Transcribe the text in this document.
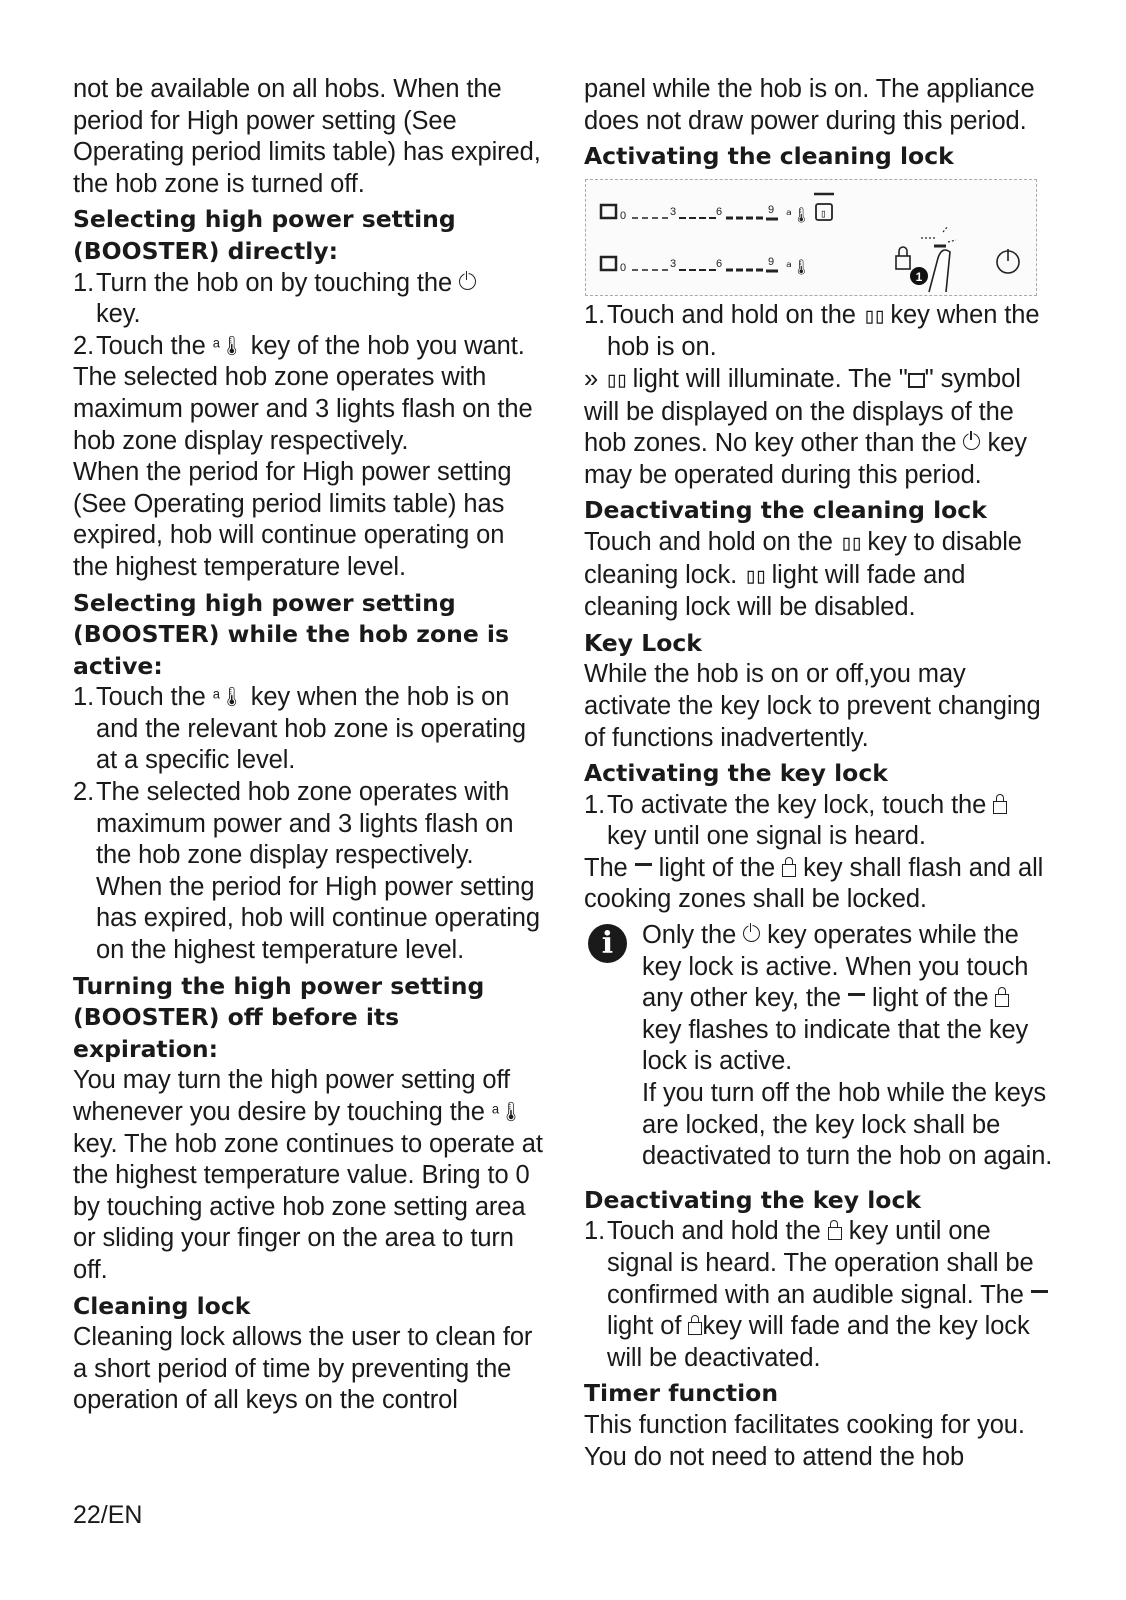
not be available on all hobs. When the period for High power setting (See Operating period limits table) has expired, the hob zone is turned off.

Selecting high power setting (BOOSTER) directly:
1. Turn the hob on by touching the
key.
2. Touch the ᵃ🌡 key of the hob you want.

The selected hob zone operates with maximum power and 3 lights flash on the hob zone display respectively.

When the period for High power setting (See Operating period limits table) has expired, hob will continue operating on the highest temperature level.

Selecting high power setting (BOOSTER) while the hob zone is active:
1. Touch the ᵃ🌡 key when the hob is on and the relevant hob zone is operating at a specific level.
2. The selected hob zone operates with maximum power and 3 lights flash on the hob zone display respectively.
When the period for High power setting has expired, hob will continue operating on the highest temperature level.
Turning the high power setting (BOOSTER) off before its expiration:

You may turn the high power setting off whenever you desire by touching the ᵃ🌡 key. The hob zone continues to operate at the highest temperature value. Bring to 0 by touching active hob zone setting area or sliding your finger on the area to turn off.

Cleaning lock

Cleaning lock allows the user to clean for a short period of time by preventing the operation of all keys on the control

panel while the hob is on. The appliance does not draw power during this period.

Activating the cleaning lock
0	3	6	9 ᵃ🌡 ▯
0	3	6	9 ᵃ🌡
1
1. Touch and hold on the ▯▯ key when the hob is on.

» ▯▯ light will illuminate. The " " symbol will be displayed on the displays of the hob zones. No key other than the key may be operated during this period.

Deactivating the cleaning lock

Touch and hold on the ▯▯ key to disable cleaning lock. ▯▯ light will fade and cleaning lock will be disabled.

Key Lock

While the hob is on or off,you may activate the key lock to prevent changing of functions inadvertently.

Activating the key lock
1. To activate the key lock, touch the
key until one signal is heard.

The light of the key shall flash and all cooking zones shall be locked.

i	Only the key operates while the key lock is active. When you touch any other key, the light of the  key flashes to indicate that the key lock is active.

If you turn off the hob while the keys are locked, the key lock shall be deactivated to turn the hob on again.

Deactivating the key lock
1. Touch and hold the key until one signal is heard. The operation shall be confirmed with an audible signal. The  light of key will fade and the key lock will be deactivated.
Timer function

This function facilitates cooking for you. You do not need to attend the hob

22/EN
